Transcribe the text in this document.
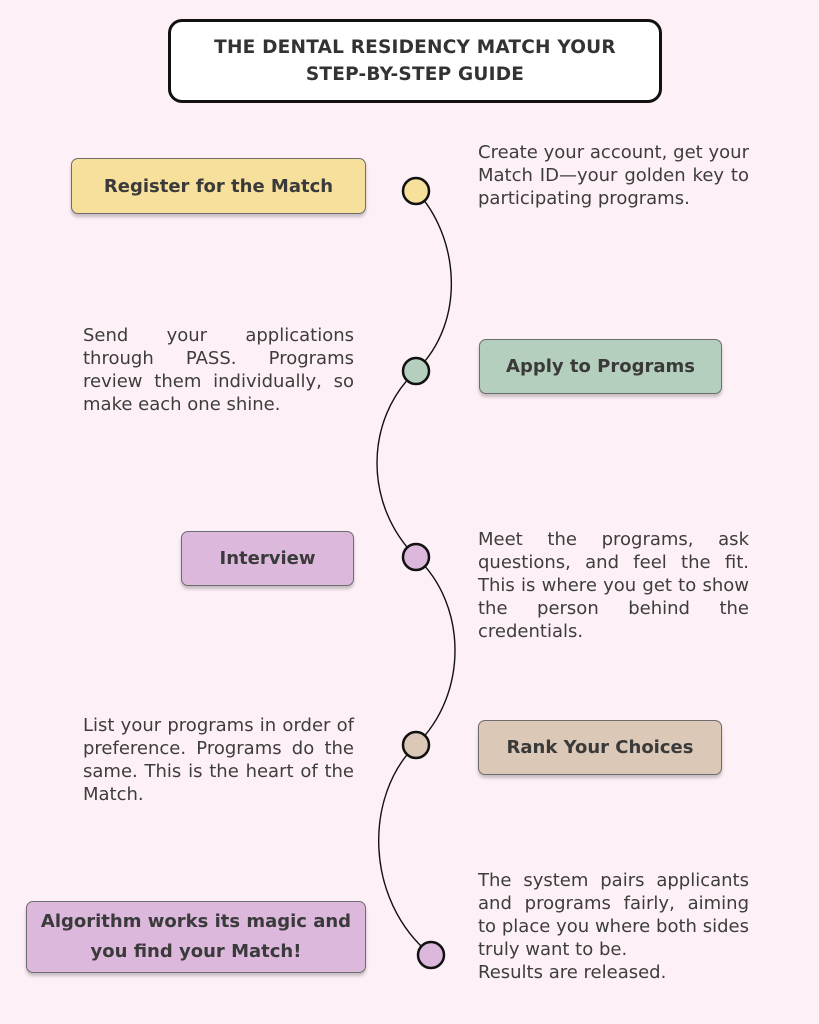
THE DENTAL RESIDENCY MATCH YOUR
STEP-BY-STEP GUIDE
Register for the Match

Create your account, get your Match ID—your golden key to participating programs.

Apply to Programs

Send your applications through PASS. Programs review them individually, so make each one shine.

Interview

Meet the programs, ask questions, and feel the fit. This is where you get to show the person behind the credentials.

Rank Your Choices

List your programs in order of preference. Programs do the same. This is the heart of the Match.

Algorithm works its magic and
you find your Match!

The system pairs applicants and programs fairly, aiming to place you where both sides truly want to be.

Results are released.
